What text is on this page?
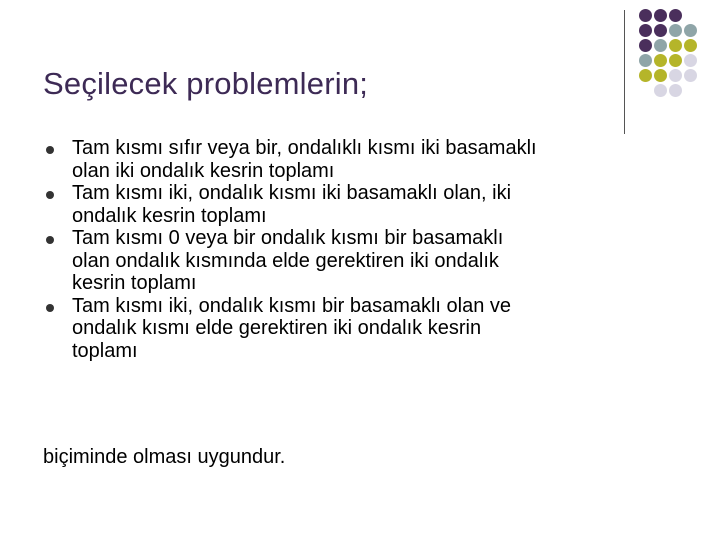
Seçilecek problemlerin;
Tam kısmı sıfır veya bir, ondalıklı kısmı iki basamaklı
olan iki ondalık kesrin toplamı
Tam kısmı iki, ondalık kısmı iki basamaklı olan, iki
ondalık kesrin toplamı
Tam kısmı 0 veya bir ondalık kısmı bir basamaklı
olan ondalık kısmında elde gerektiren iki ondalık
kesrin toplamı
Tam kısmı iki, ondalık kısmı bir basamaklı olan ve
ondalık kısmı elde gerektiren iki ondalık kesrin
toplamı

biçiminde olması uygundur.
